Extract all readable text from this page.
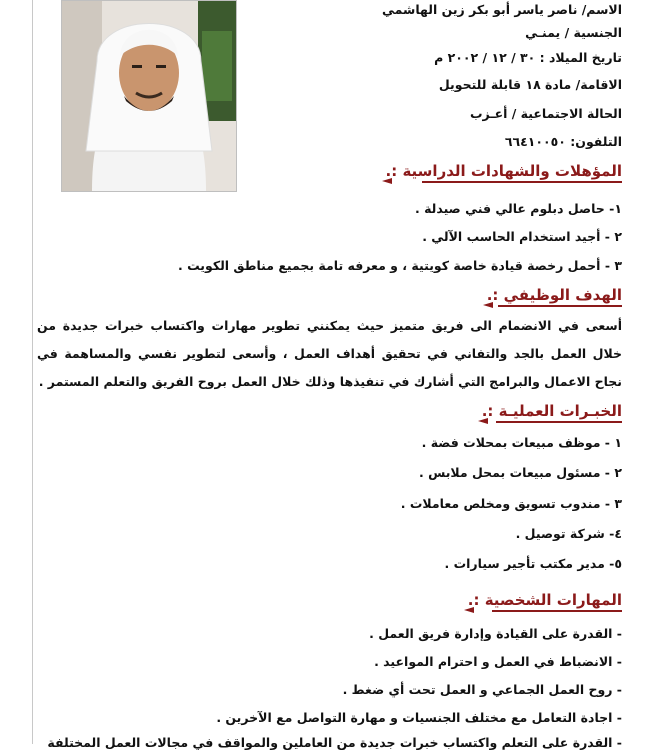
الاسم/ ناصر ياسر أبو بكر زين الهاشمي
الجنسية / يمنـي
تاريخ الميلاد : ٣٠ / ١٢ / ٢٠٠٢ م
الاقامة/ مادة ١٨ قابلة للتحويل
الحالة الاجتماعية / أعـزب
التلفون: ٦٦٤١٠٠٥٠
المؤهلات والشهادات الدراسية :.
١- حاصل دبلوم عالي فني صيدلة .
٢ - أجيد استخدام الحاسب الآلي .
٣ - أحمل رخصة قيادة خاصة كويتية ، و معرفه تامة بجميع مناطق الكويت .
الهدف الوظيفي :.
أسعى في الانضمام الى فريق متميز حيث يمكنني تطوير مهارات واكتساب خبرات جديدة من خلال العمل بالجد والتفاني في تحقيق أهداف العمل ، وأسعى لتطوير نفسي والمساهمة في نجاح الاعمال والبرامج التي أشارك في تنفيذها وذلك خلال العمل بروح الفريق والتعلم المستمر .
الخبـرات العمليـة :.
١ - موظف مبيعات بمحلات فضة .
٢ - مسئول مبيعات بمحل ملابس .
٣ - مندوب تسويق ومخلص معاملات .
٤- شركة توصيل .
٥- مدير مكتب تأجير سيارات .
المهارات الشخصية :.
- القدرة على القيادة وإدارة فريق العمل .
- الانضباط في العمل و احترام المواعيد .
- روح العمل الجماعي و العمل تحت أي ضغط .
- اجادة التعامل مع مختلف الجنسيات و مهارة التواصل مع الآخرين .
- القدرة على التعلم واكتساب خبرات جديدة من العاملين والمواقف في مجالات العمل المختلفة
